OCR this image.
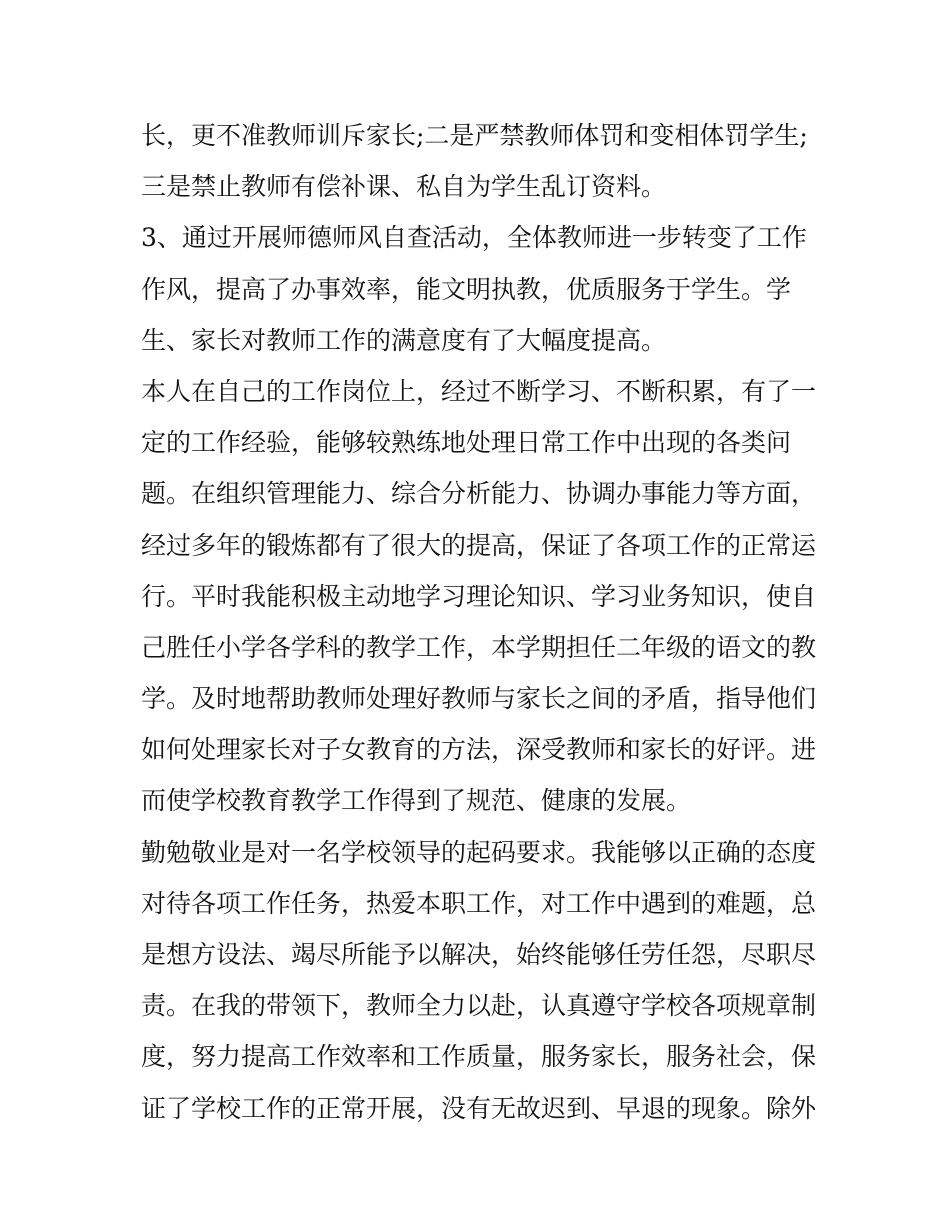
长，更不准教师训斥家长;二是严禁教师体罚和变相体罚学生;
三是禁止教师有偿补课、私自为学生乱订资料。
3、通过开展师德师风自查活动，全体教师进一步转变了工作
作风，提高了办事效率，能文明执教，优质服务于学生。学
生、家长对教师工作的满意度有了大幅度提高。
本人在自己的工作岗位上，经过不断学习、不断积累，有了一
定的工作经验，能够较熟练地处理日常工作中出现的各类问
题。在组织管理能力、综合分析能力、协调办事能力等方面，
经过多年的锻炼都有了很大的提高，保证了各项工作的正常运
行。平时我能积极主动地学习理论知识、学习业务知识，使自
己胜任小学各学科的教学工作，本学期担任二年级的语文的教
学。及时地帮助教师处理好教师与家长之间的矛盾，指导他们
如何处理家长对子女教育的方法，深受教师和家长的好评。进
而使学校教育教学工作得到了规范、健康的发展。
勤勉敬业是对一名学校领导的起码要求。我能够以正确的态度
对待各项工作任务，热爱本职工作，对工作中遇到的难题，总
是想方设法、竭尽所能予以解决，始终能够任劳任怨，尽职尽
责。在我的带领下，教师全力以赴，认真遵守学校各项规章制
度，努力提高工作效率和工作质量，服务家长，服务社会，保
证了学校工作的正常开展，没有无故迟到、早退的现象。除外
